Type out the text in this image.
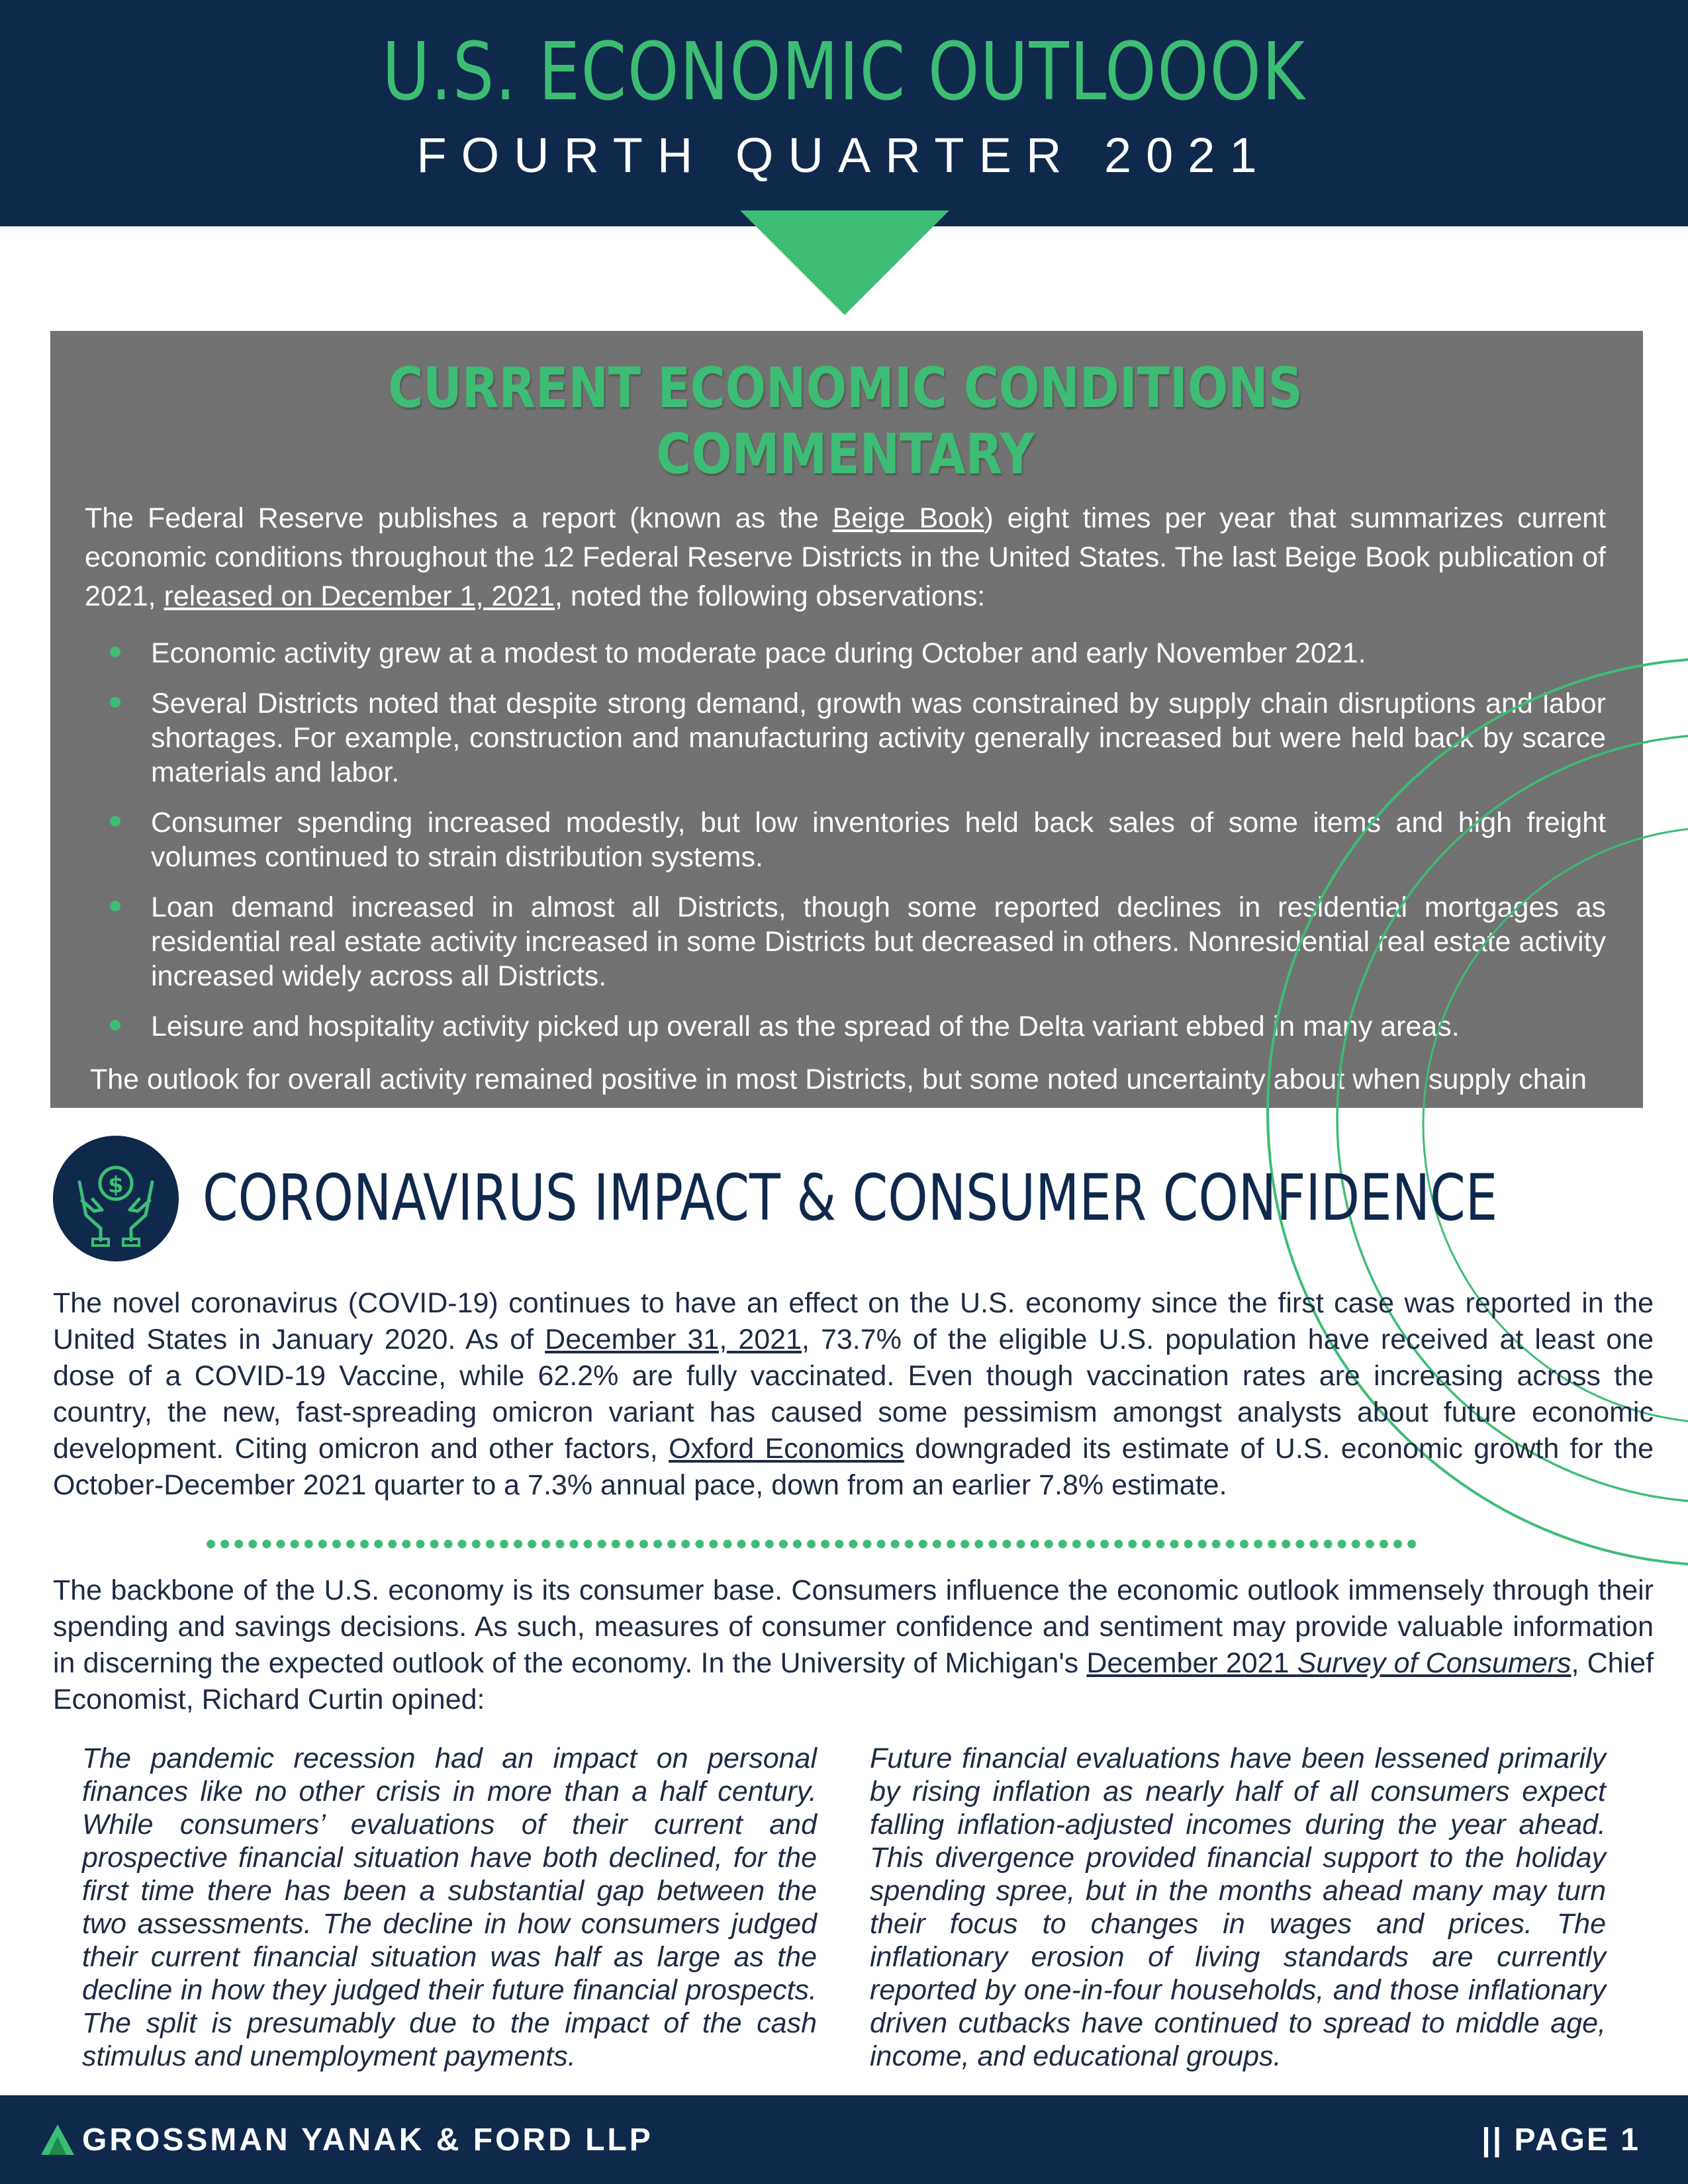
U.S. ECONOMIC OUTLOOOK
FOURTH QUARTER 2021
CURRENT ECONOMIC CONDITIONS COMMENTARY

The Federal Reserve publishes a report (known as the Beige Book) eight times per year that summarizes current economic conditions throughout the 12 Federal Reserve Districts in the United States. The last Beige Book publication of 2021, released on December 1, 2021, noted the following observations:

Economic activity grew at a modest to moderate pace during October and early November 2021.
Several Districts noted that despite strong demand, growth was constrained by supply chain disruptions and labor shortages. For example, construction and manufacturing activity generally increased but were held back by scarce materials and labor.
Consumer spending increased modestly, but low inventories held back sales of some items and high freight volumes continued to strain distribution systems.
Loan demand increased in almost all Districts, though some reported declines in residential mortgages as residential real estate activity increased in some Districts but decreased in others. Nonresidential real estate activity increased widely across all Districts.
Leisure and hospitality activity picked up overall as the spread of the Delta variant ebbed in many areas.

The outlook for overall activity remained positive in most Districts, but some noted uncertainty about when supply chain and labor supply challenges would ease.

$ CORONAVIRUS IMPACT & CONSUMER CONFIDENCE

The novel coronavirus (COVID-19) continues to have an effect on the U.S. economy since the first case was reported in the United States in January 2020. As of December 31, 2021, 73.7% of the eligible U.S. population have received at least one dose of a COVID-19 Vaccine, while 62.2% are fully vaccinated. Even though vaccination rates are increasing across the country, the new, fast-spreading omicron variant has caused some pessimism amongst analysts about future economic development. Citing omicron and other factors, Oxford Economics downgraded its estimate of U.S. economic growth for the October-December 2021 quarter to a 7.3% annual pace, down from an earlier 7.8% estimate.

The backbone of the U.S. economy is its consumer base. Consumers influence the economic outlook immensely through their spending and savings decisions. As such, measures of consumer confidence and sentiment may provide valuable information in discerning the expected outlook of the economy. In the University of Michigan's December 2021 Survey of Consumers, Chief Economist, Richard Curtin opined:

The pandemic recession had an impact on personal finances like no other crisis in more than a half century. While consumers’ evaluations of their current and prospective financial situation have both declined, for the first time there has been a substantial gap between the two assessments. The decline in how consumers judged their current financial situation was half as large as the decline in how they judged their future financial prospects. The split is presumably due to the impact of the cash stimulus and unemployment payments.

Future financial evaluations have been lessened primarily by rising inflation as nearly half of all consumers expect falling inflation-adjusted incomes during the year ahead. This divergence provided financial support to the holiday spending spree, but in the months ahead many may turn their focus to changes in wages and prices. The inflationary erosion of living standards are currently reported by one-in-four households, and those inflationary driven cutbacks have continued to spread to middle age, income, and educational groups.

GROSSMAN YANAK & FORD LLP	|| PAGE 1
